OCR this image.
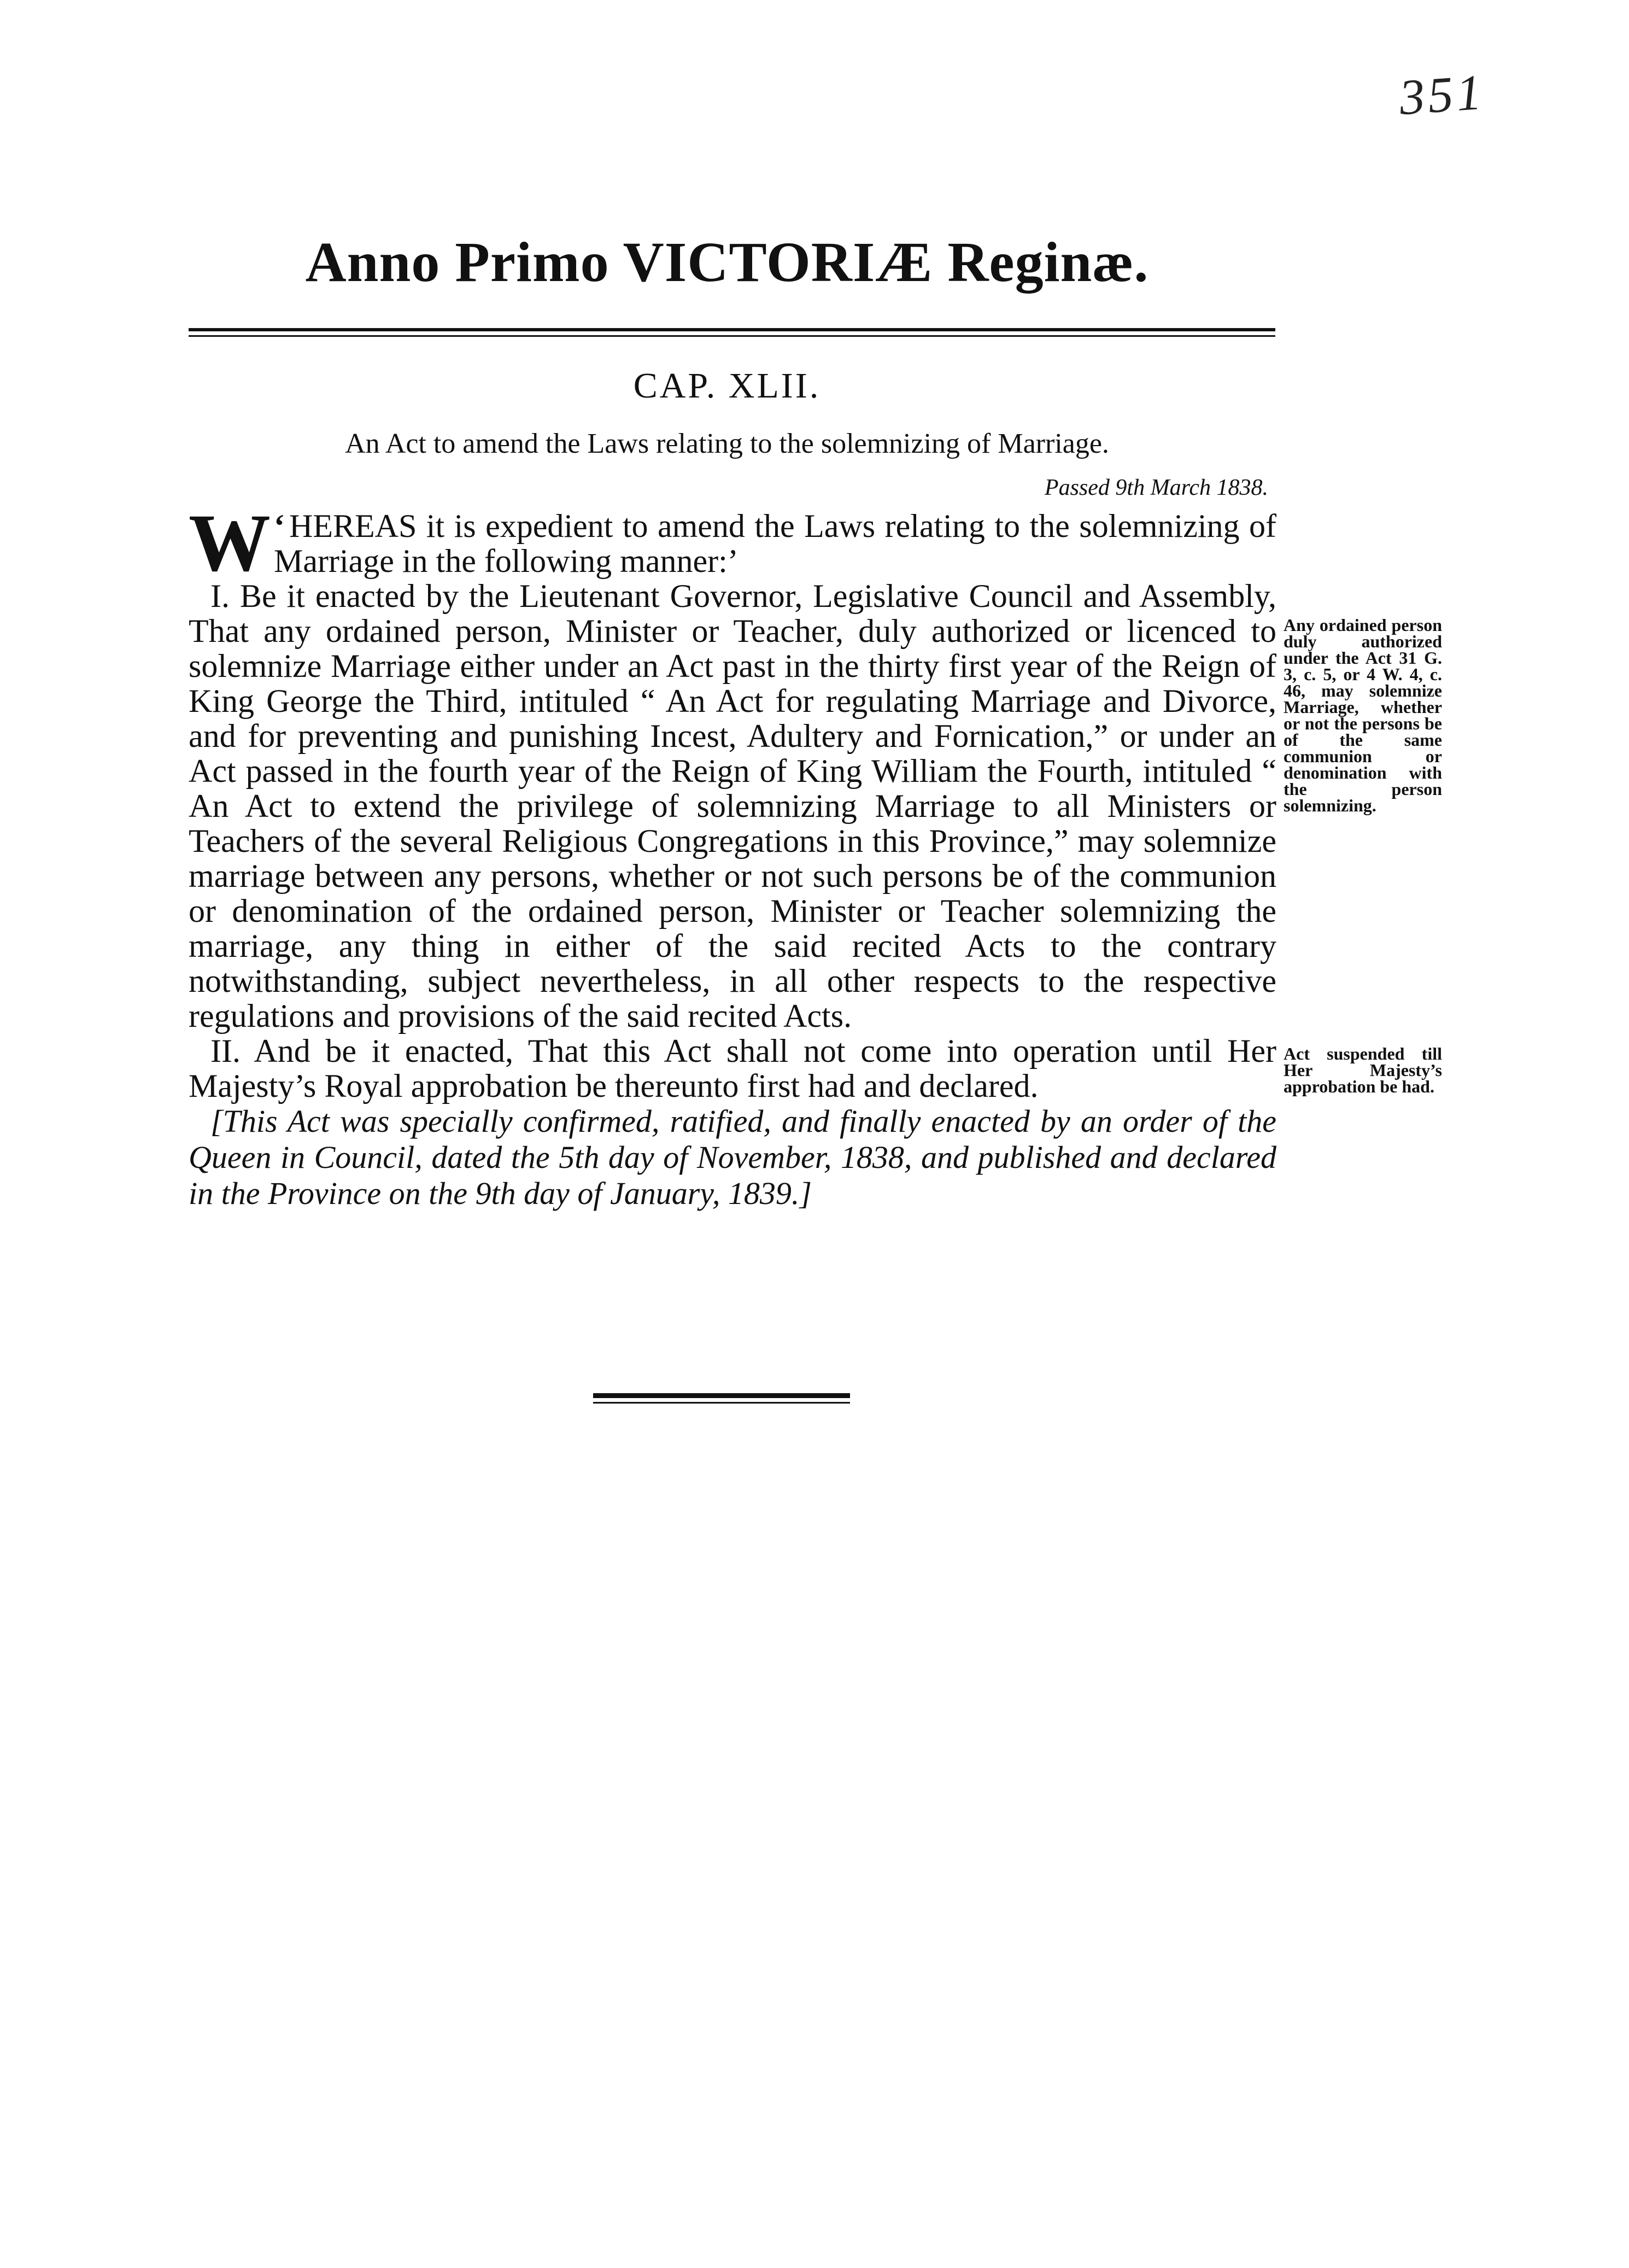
351
Anno Primo VICTORIÆ Reginæ.
CAP. XLII.
An Act to amend the Laws relating to the solemnizing of Marriage.
Passed 9th March 1838.

‘
W HEREAS it is expedient to amend the Laws relating to the solemnizing of Marriage in the following manner:’

I. Be it enacted by the Lieutenant Governor, Legislative Council and Assembly, That any ordained person, Minister or Teacher, duly authorized or licenced to solemnize Marriage either under an Act past in the thirty first year of the Reign of King George the Third, intituled “ An Act for regulating Marriage and Divorce, and for preventing and punishing Incest, Adultery and Fornication,” or under an Act passed in the fourth year of the Reign of King William the Fourth, intituled “ An Act to extend the privilege of solemnizing Marriage to all Ministers or Teachers of the several Religious Congregations in this Province,” may solemnize marriage between any persons, whether or not such persons be of the communion or denomination of the ordained person, Minister or Teacher solemnizing the marriage, any thing in either of the said recited Acts to the contrary notwithstanding, subject nevertheless, in all other respects to the respective regulations and provisions of the said recited Acts.

II. And be it enacted, That this Act shall not come into operation until Her Majesty’s Royal approbation be thereunto first had and declared.

[This Act was specially confirmed, ratified, and finally enacted by an order of the Queen in Council, dated the 5th day of November, 1838, and published and declared in the Province on the 9th day of January, 1839.]

Any ordained person duly authorized under the Act 31 G. 3, c. 5, or 4 W. 4, c. 46, may solemnize Marriage, whether or not the persons be of the same communion or denomination with the person solemnizing.
Act suspended till Her Majesty’s approbation be had.
